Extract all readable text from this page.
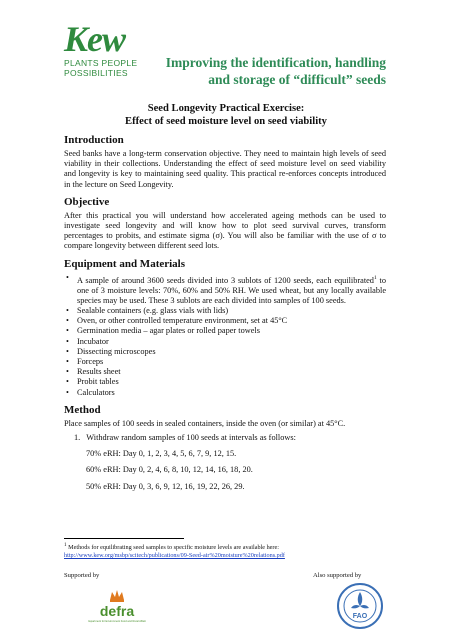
Kew
PLANTS PEOPLE
POSSIBILITIES
Improving the identification, handling
and storage of “difficult” seeds
Seed Longevity Practical Exercise:
Effect of seed moisture level on seed viability
Introduction

Seed banks have a long-term conservation objective. They need to maintain high levels of seed viability in their collections. Understanding the effect of seed moisture level on seed viability and longevity is key to maintaining seed quality. This practical re-enforces concepts introduced in the lecture on Seed Longevity.

Objective

After this practical you will understand how accelerated ageing methods can be used to investigate seed longevity and will know how to plot seed survival curves, transform percentages to probits, and estimate sigma (σ). You will also be familiar with the use of σ to compare longevity between different seed lots.

Equipment and Materials
• A sample of around 3600 seeds divided into 3 sublots of 1200 seeds, each equilibrated$^1$ to one of 3 moisture levels: 70%, 60% and 50% RH. We used wheat, but any locally available species may be used. These 3 sublots are each divided into samples of 100 seeds.
• Sealable containers (e.g. glass vials with lids)
• Oven, or other controlled temperature environment, set at 45°C
• Germination media – agar plates or rolled paper towels
• Incubator
• Dissecting microscopes
• Forceps
• Results sheet
• Probit tables
• Calculators
Method

Place samples of 100 seeds in sealed containers, inside the oven (or similar) at 45°C.

1.   Withdraw random samples of 100 seeds at intervals as follows:
70% eRH: Day 0, 1, 2, 3, 4, 5, 6, 7, 9, 12, 15.
60% eRH: Day 0, 2, 4, 6, 8, 10, 12, 14, 16, 18, 20.
50% eRH: Day 0, 3, 6, 9, 12, 16, 19, 22, 26, 29.
$^1$ Methods for equilibrating seed samples to specific moisture levels are available here:
http://www.kew.org/msbp/scitech/publications/09-Seed-air%20moisture%20relations.pdf
Supported by	Also supported by
defra
Department for Environment Food and Rural Affairs
FAO
